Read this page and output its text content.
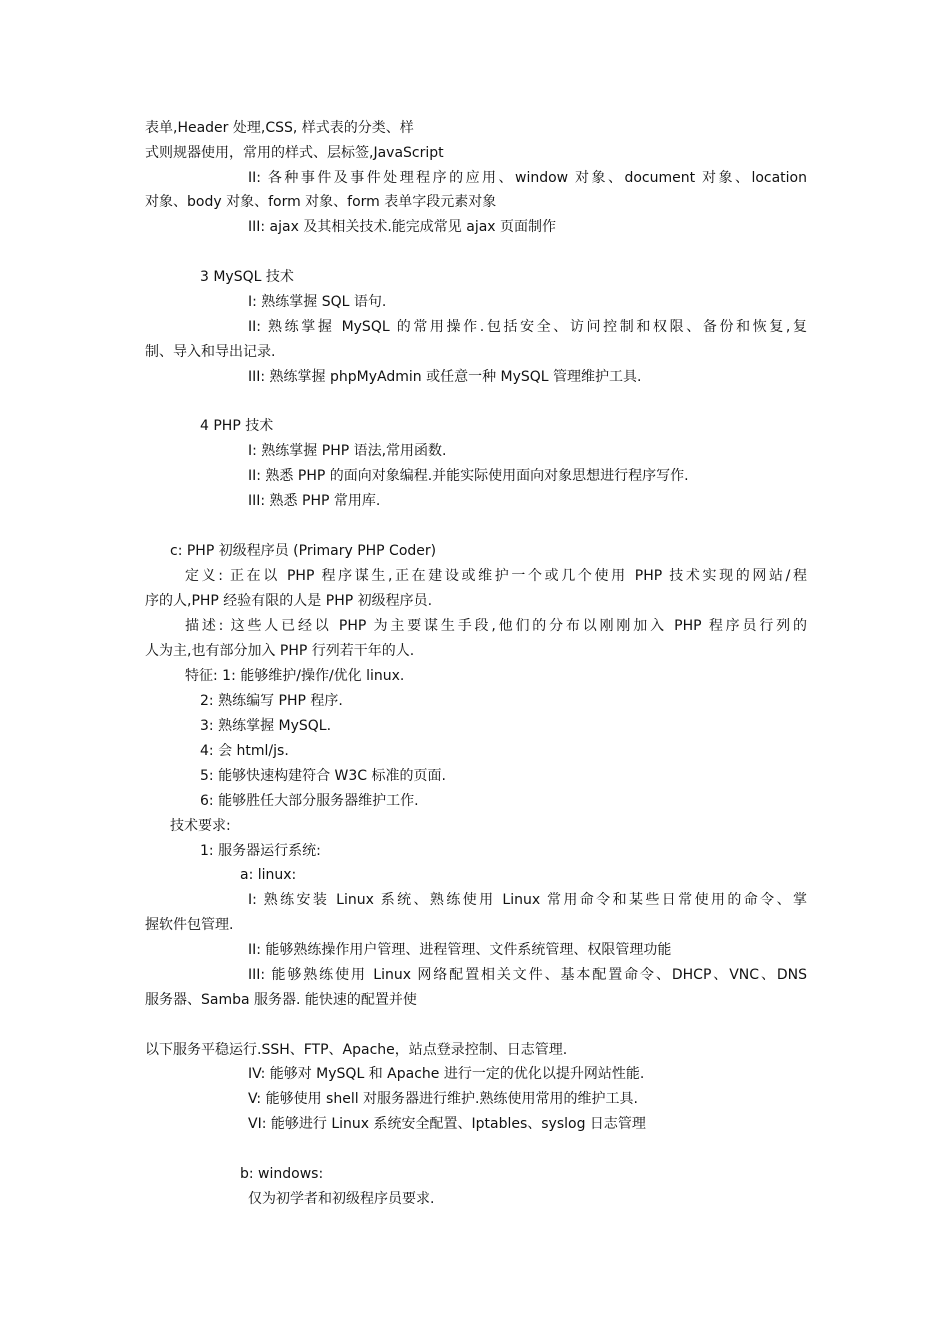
表单,Header 处理,CSS, 样式表的分类、样
式则规器使用，常用的样式、层标签,JavaScript
II: 各种事件及事件处理程序的应用、window 对象、document 对象、location
对象、body 对象、form 对象、form 表单字段元素对象
III: ajax 及其相关技术.能完成常见 ajax 页面制作
3 MySQL 技术
I: 熟练掌握 SQL 语句.
II: 熟练掌握 MySQL 的常用操作.包括安全、访问控制和权限、备份和恢复,复
制、导入和导出记录.
III: 熟练掌握 phpMyAdmin 或任意一种 MySQL 管理维护工具.
4 PHP 技术
I: 熟练掌握 PHP 语法,常用函数.
II: 熟悉 PHP 的面向对象编程.并能实际使用面向对象思想进行程序写作.
III: 熟悉 PHP 常用库.
c: PHP 初级程序员 (Primary PHP Coder)
定义: 正在以 PHP 程序谋生,正在建设或维护一个或几个使用 PHP 技术实现的网站/程
序的人,PHP 经验有限的人是 PHP 初级程序员.
描述: 这些人已经以 PHP 为主要谋生手段,他们的分布以刚刚加入 PHP 程序员行列的
人为主,也有部分加入 PHP 行列若干年的人.
特征: 1: 能够维护/操作/优化 linux.
2: 熟练编写 PHP 程序.
3: 熟练掌握 MySQL.
4: 会 html/js.
5: 能够快速构建符合 W3C 标准的页面.
6: 能够胜任大部分服务器维护工作.
技术要求:
1: 服务器运行系统:
a: linux:
I: 熟练安装 Linux 系统、熟练使用 Linux 常用命令和某些日常使用的命令、掌
握软件包管理.
II: 能够熟练操作用户管理、进程管理、文件系统管理、权限管理功能
III: 能够熟练使用 Linux 网络配置相关文件、基本配置命令、DHCP、VNC、DNS
服务器、Samba 服务器. 能快速的配置并使
以下服务平稳运行.SSH、FTP、Apache，站点登录控制、日志管理.
IV: 能够对 MySQL 和 Apache 进行一定的优化以提升网站性能.
V: 能够使用 shell 对服务器进行维护.熟练使用常用的维护工具.
VI: 能够进行 Linux 系统安全配置、Iptables、syslog 日志管理
b: windows:
仅为初学者和初级程序员要求.
